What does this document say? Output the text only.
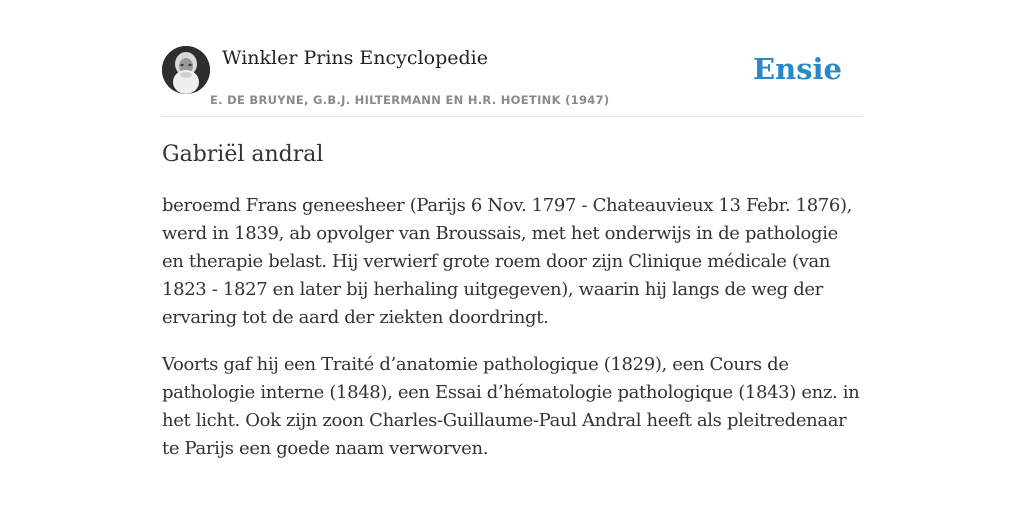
Winkler Prins Encyclopedie
E. DE BRUYNE, G.B.J. HILTERMANN EN H.R. HOETINK (1947)
Ensie
Gabriël andral

beroemd Frans geneesheer (Parijs 6 Nov. 1797 - Chateauvieux 13 Febr. 1876), werd in 1839, ab opvolger van Broussais, met het onderwijs in de pathologie en therapie belast. Hij verwierf grote roem door zijn Clinique médicale (van 1823 - 1827 en later bij herhaling uitgegeven), waarin hij langs de weg der ervaring tot de aard der ziekten doordringt.

Voorts gaf hij een Traité d’anatomie pathologique (1829), een Cours de pathologie interne (1848), een Essai d’hématologie pathologique (1843) enz. in het licht. Ook zijn zoon Charles-Guillaume-Paul Andral heeft als pleitredenaar te Parijs een goede naam verworven.
